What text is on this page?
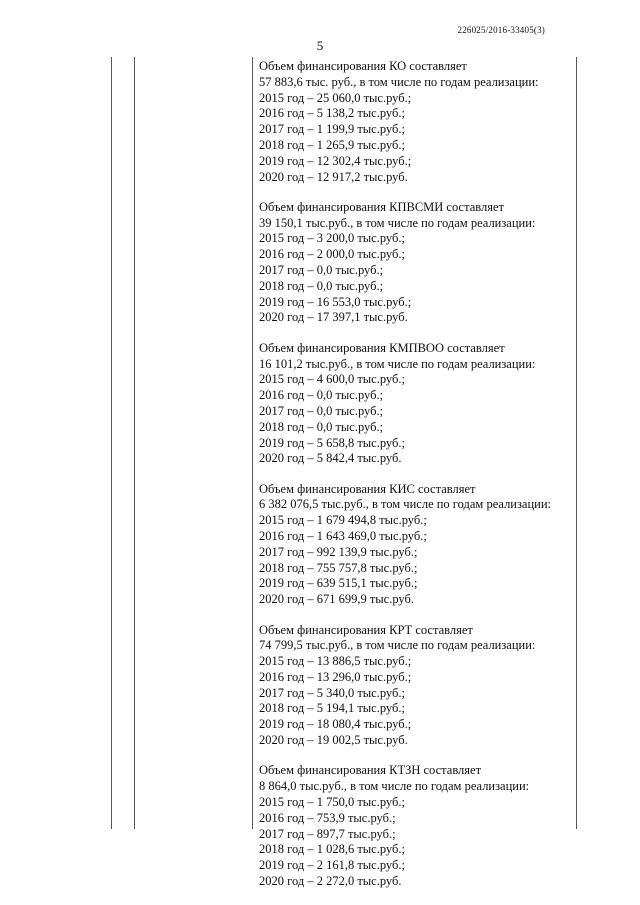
226025/2016-33405(3)
5
Объем финансирования КО составляет
57 883,6 тыс. руб., в том числе по годам реализации:
2015 год – 25 060,0 тыс.руб.;
2016 год – 5 138,2 тыс.руб.;
2017 год – 1 199,9 тыс.руб.;
2018 год – 1 265,9 тыс.руб.;
2019 год – 12 302,4 тыс.руб.;
2020 год – 12 917,2 тыс.руб.
Объем финансирования КПВСМИ составляет
39 150,1 тыс.руб., в том числе по годам реализации:
2015 год – 3 200,0 тыс.руб.;
2016 год – 2 000,0 тыс.руб.;
2017 год – 0,0 тыс.руб.;
2018 год – 0,0 тыс.руб.;
2019 год – 16 553,0 тыс.руб.;
2020 год – 17 397,1 тыс.руб.
Объем финансирования КМПВОО составляет
16 101,2 тыс.руб., в том числе по годам реализации:
2015 год – 4 600,0 тыс.руб.;
2016 год – 0,0 тыс.руб.;
2017 год – 0,0 тыс.руб.;
2018 год – 0,0 тыс.руб.;
2019 год – 5 658,8 тыс.руб.;
2020 год – 5 842,4 тыс.руб.
Объем финансирования КИС составляет
6 382 076,5 тыс.руб., в том числе по годам реализации:
2015 год – 1 679 494,8 тыс.руб.;
2016 год – 1 643 469,0 тыс.руб.;
2017 год – 992 139,9 тыс.руб.;
2018 год – 755 757,8 тыс.руб.;
2019 год – 639 515,1 тыс.руб.;
2020 год – 671 699,9 тыс.руб.
Объем финансирования КРТ составляет
74 799,5 тыс.руб., в том числе по годам реализации:
2015 год – 13 886,5 тыс.руб.;
2016 год – 13 296,0 тыс.руб.;
2017 год – 5 340,0 тыс.руб.;
2018 год – 5 194,1 тыс.руб.;
2019 год – 18 080,4 тыс.руб.;
2020 год – 19 002,5 тыс.руб.
Объем финансирования КТЗН составляет
8 864,0 тыс.руб., в том числе по годам реализации:
2015 год – 1 750,0 тыс.руб.;
2016 год – 753,9 тыс.руб.;
2017 год – 897,7 тыс.руб.;
2018 год – 1 028,6 тыс.руб.;
2019 год – 2 161,8 тыс.руб.;
2020 год – 2 272,0 тыс.руб.
